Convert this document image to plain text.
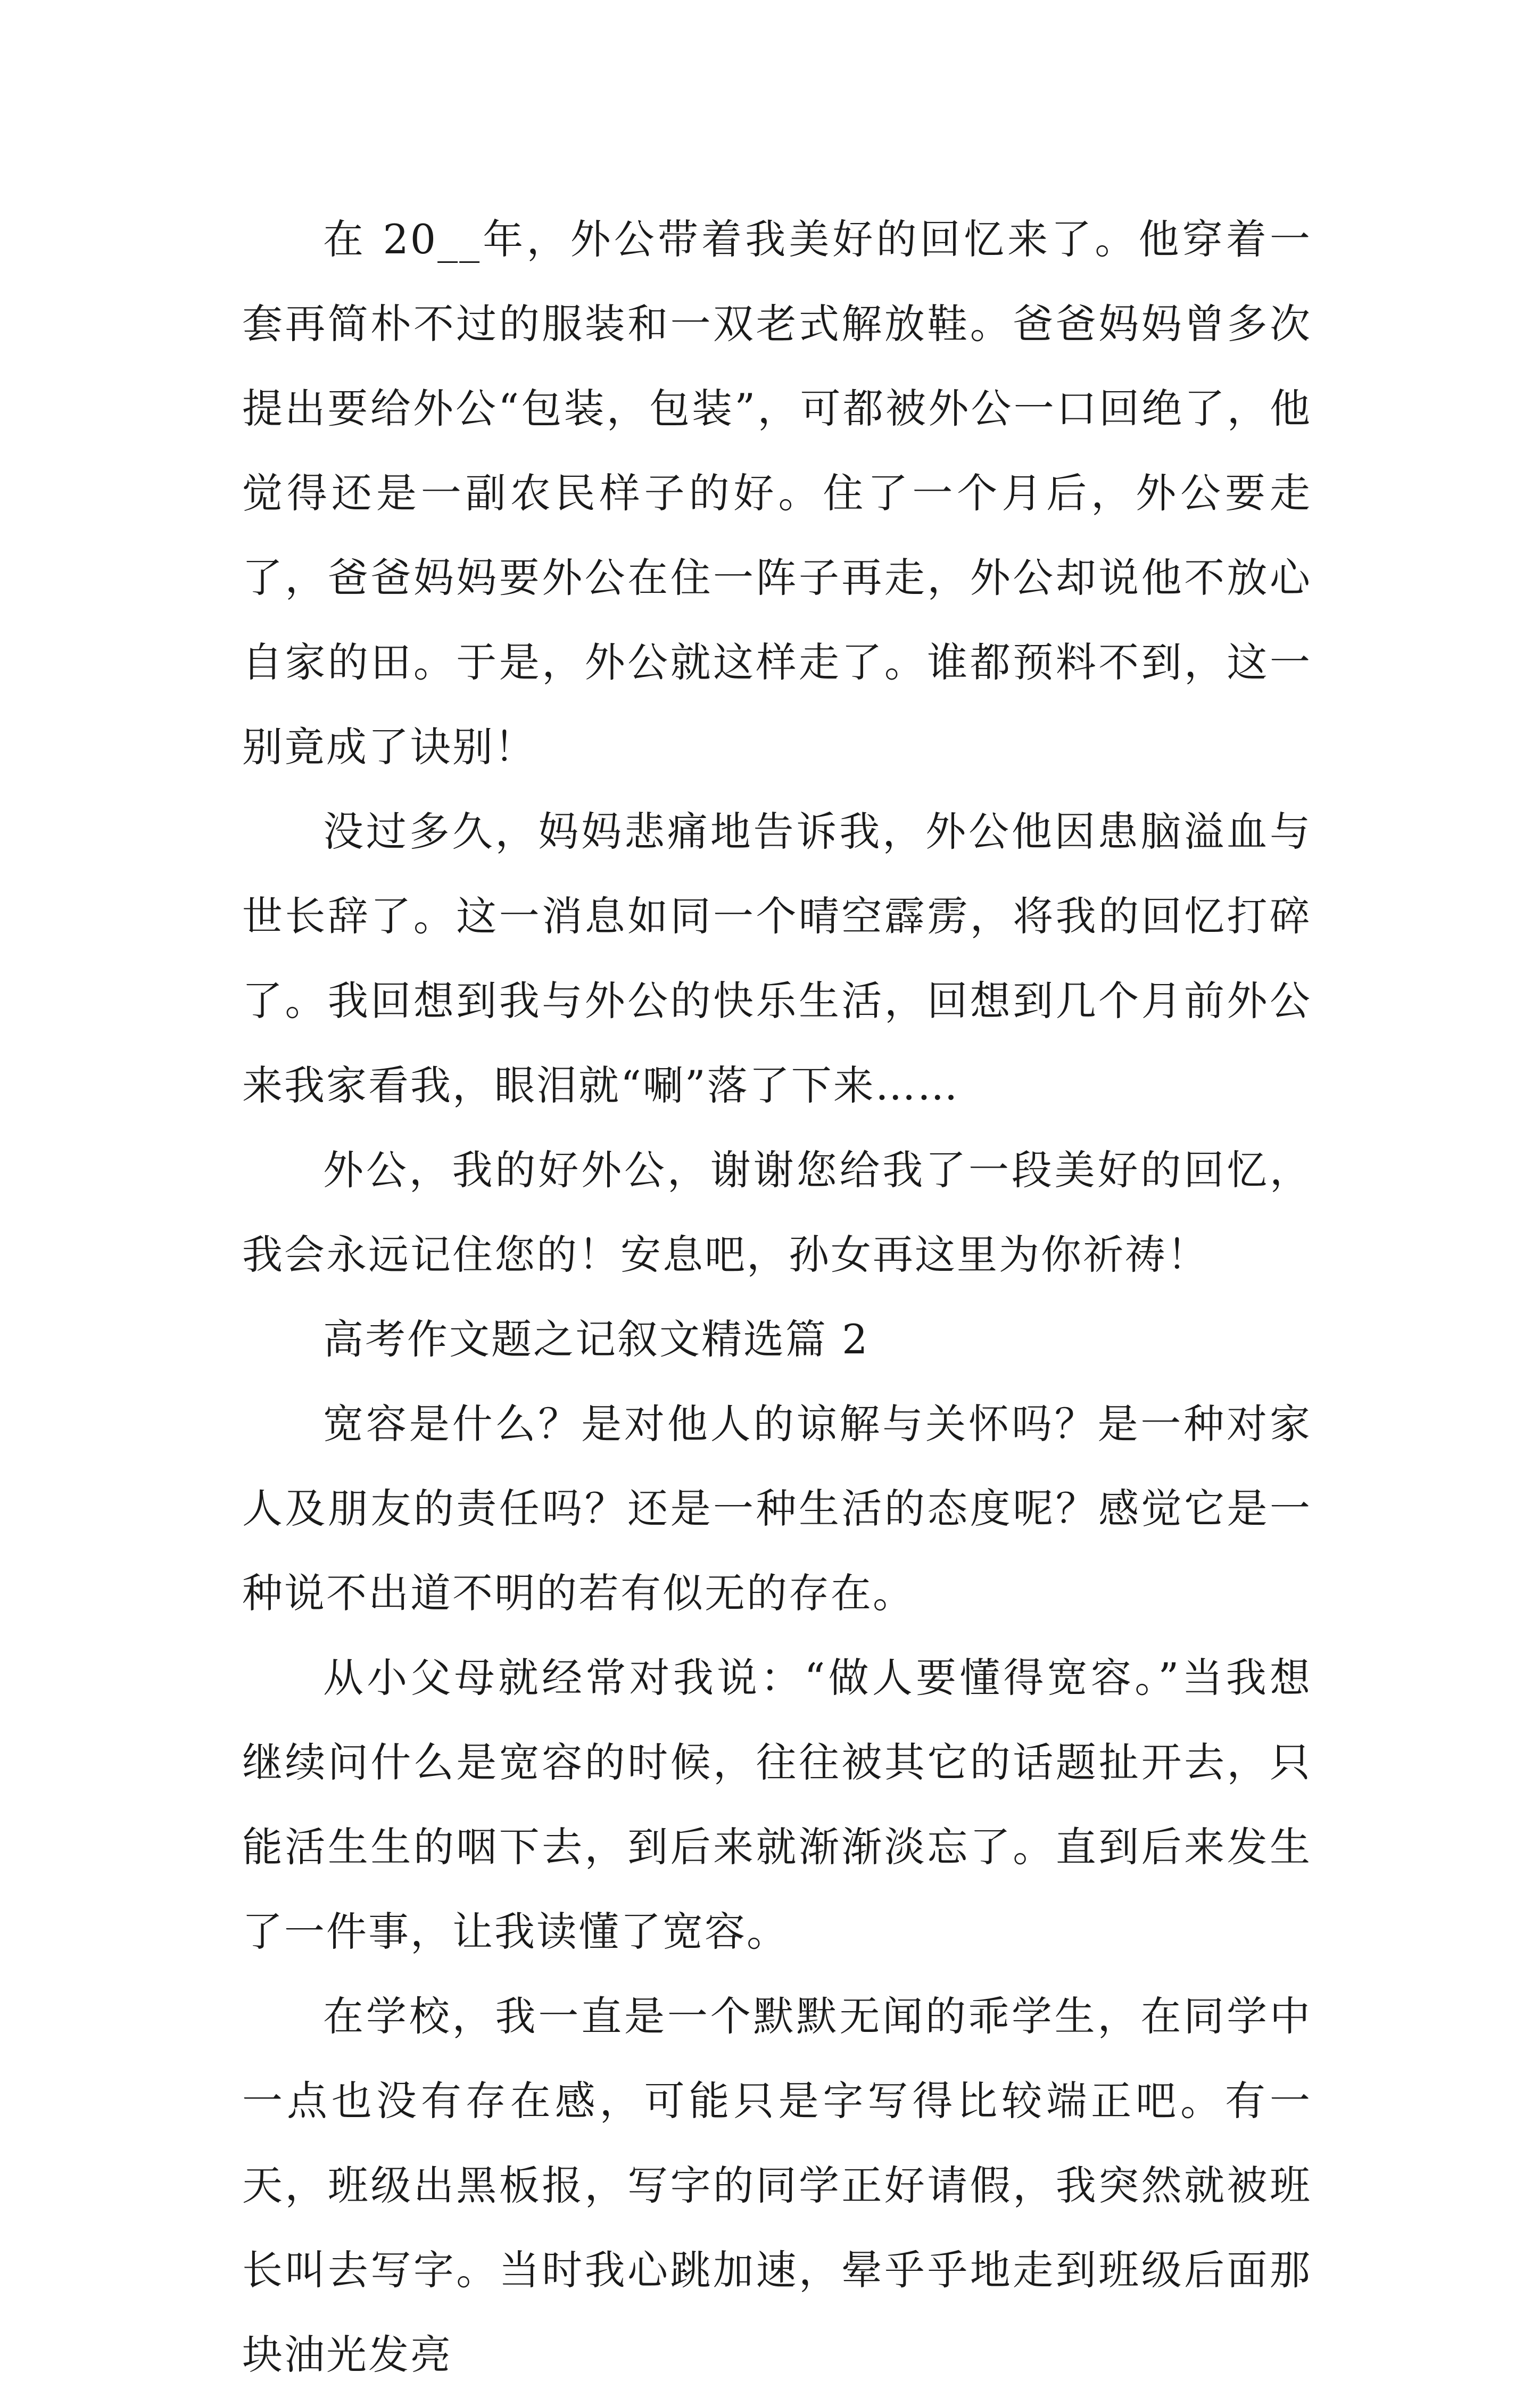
在 20__年，外公带着我美好的回忆来了。他穿着一套再简朴不过的服装和一双老式解放鞋。爸爸妈妈曾多次提出要给外公“包装，包装”，可都被外公一口回绝了，他觉得还是一副农民样子的好。住了一个月后，外公要走了，爸爸妈妈要外公在住一阵子再走，外公却说他不放心自家的田。于是，外公就这样走了。谁都预料不到，这一别竟成了诀别！

没过多久，妈妈悲痛地告诉我，外公他因患脑溢血与世长辞了。这一消息如同一个晴空霹雳，将我的回忆打碎了。我回想到我与外公的快乐生活，回想到几个月前外公来我家看我，眼泪就“唰”落了下来……

外公，我的好外公，谢谢您给我了一段美好的回忆，我会永远记住您的！安息吧，孙女再这里为你祈祷！

高考作文题之记叙文精选篇 2

宽容是什么？是对他人的谅解与关怀吗？是一种对家人及朋友的责任吗？还是一种生活的态度呢？感觉它是一种说不出道不明的若有似无的存在。

从小父母就经常对我说：“做人要懂得宽容。”当我想继续问什么是宽容的时候，往往被其它的话题扯开去，只能活生生的咽下去，到后来就渐渐淡忘了。直到后来发生了一件事，让我读懂了宽容。

在学校，我一直是一个默默无闻的乖学生，在同学中一点也没有存在感，可能只是字写得比较端正吧。有一天，班级出黑板报，写字的同学正好请假，我突然就被班长叫去写字。当时我心跳加速，晕乎乎地走到班级后面那块油光发亮
